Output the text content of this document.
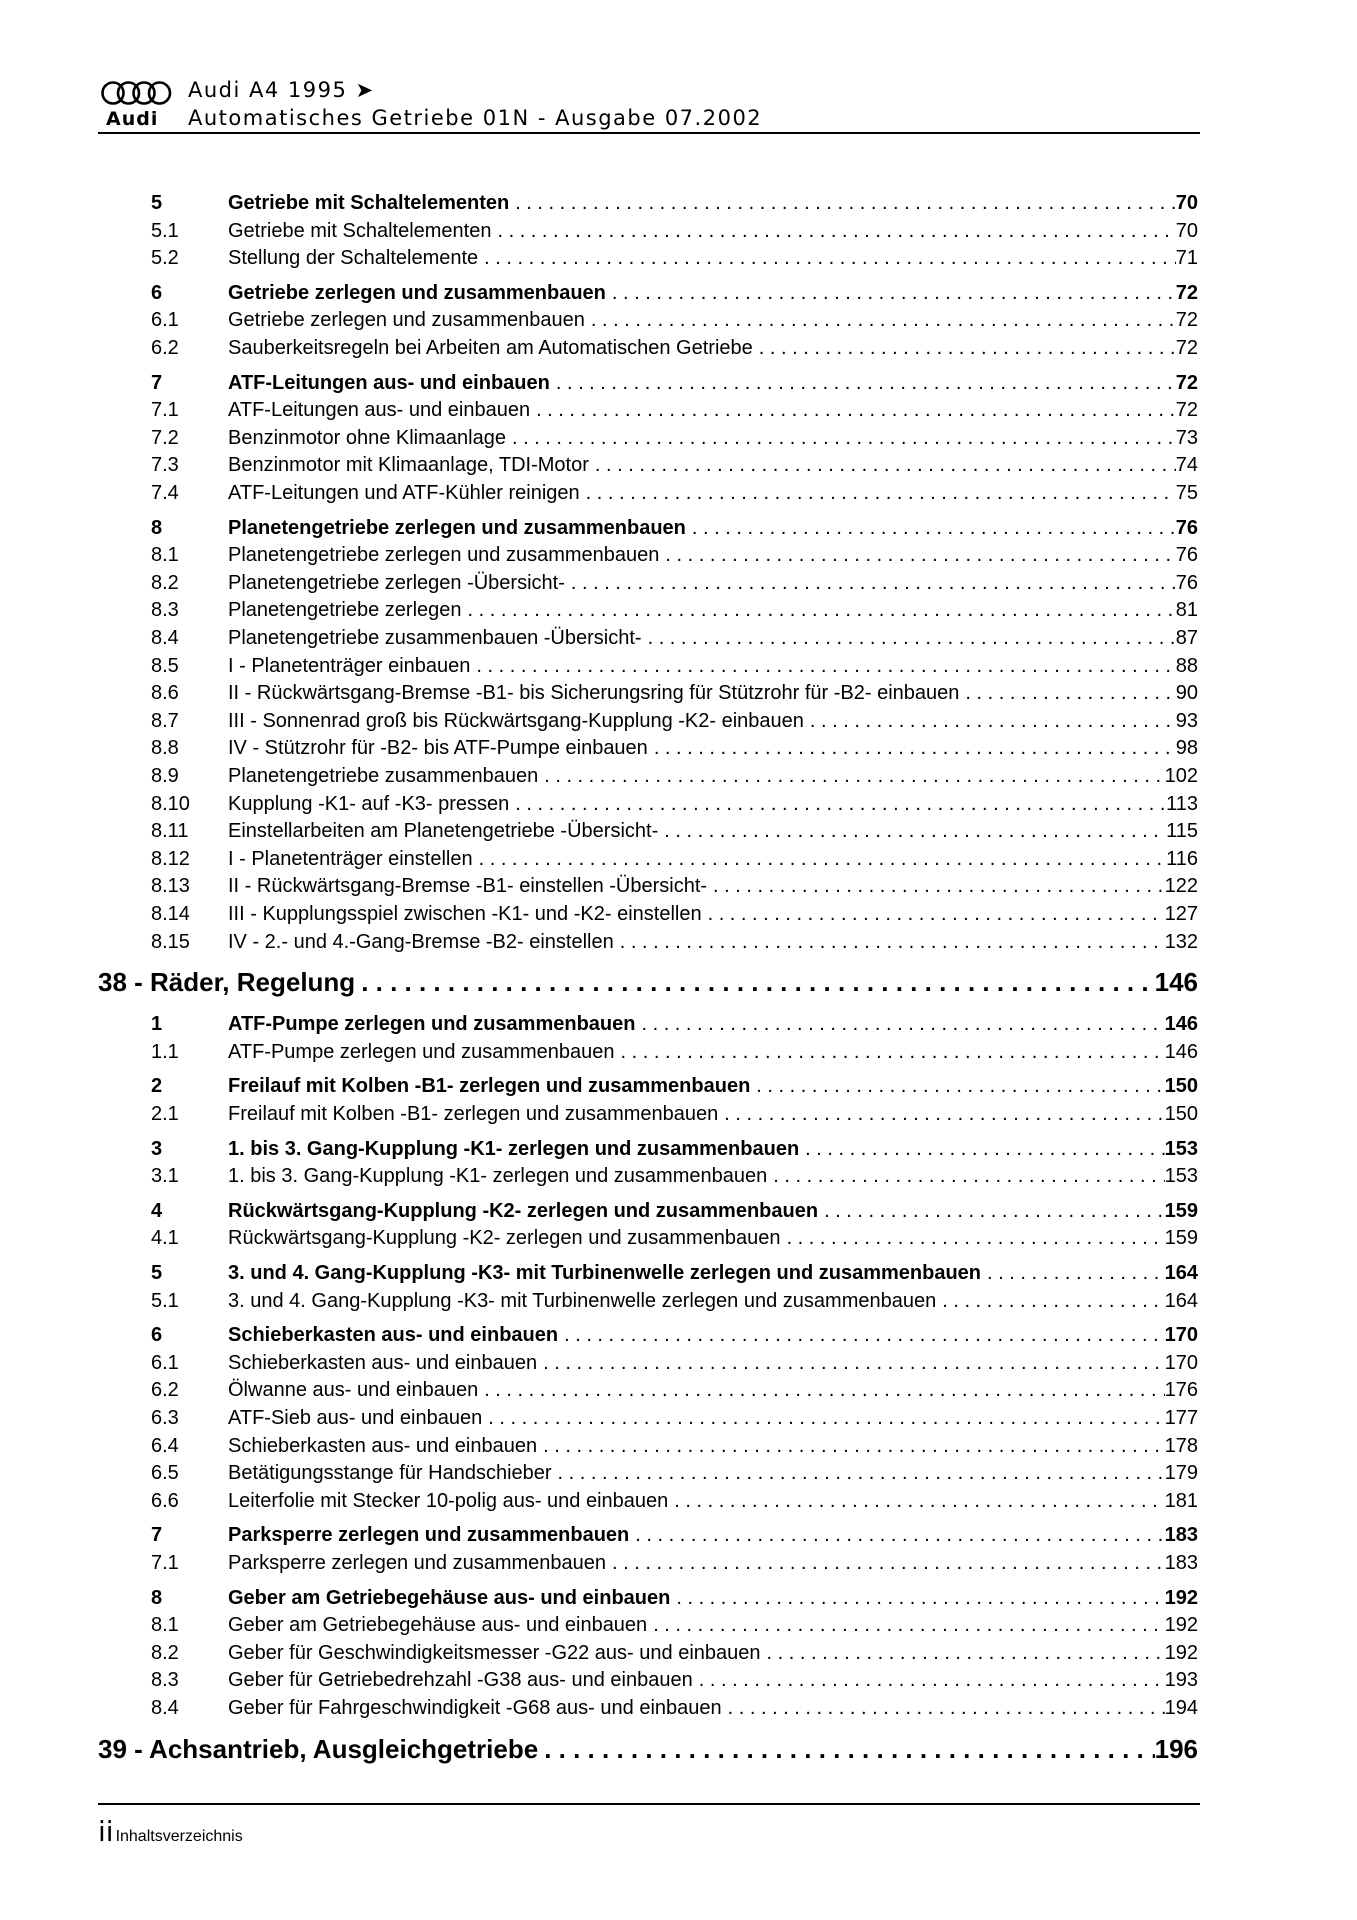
Audi
Audi A4 1995 ➤
Automatisches Getriebe 01N - Ausgabe 07.2002
5	Getriebe mit Schaltelementen . . .	70
5.1 Getriebe mit Schaltelementen . . .	70
5.2 Stellung der Schaltelemente . . .	71
6	Getriebe zerlegen und zusammenbauen . . .	72
6.1 Getriebe zerlegen und zusammenbauen . . .	72
6.2 Sauberkeitsregeln bei Arbeiten am Automatischen Getriebe . . .	72
7	ATF-Leitungen aus- und einbauen . . .	72
7.1 ATF-Leitungen aus- und einbauen . . .	72
7.2 Benzinmotor ohne Klimaanlage . . .	73
7.3 Benzinmotor mit Klimaanlage, TDI-Motor . . .	74
7.4 ATF-Leitungen und ATF-Kühler reinigen . . .	75
8	Planetengetriebe zerlegen und zusammenbauen . . .	76
8.1 Planetengetriebe zerlegen und zusammenbauen . . .	76
8.2 Planetengetriebe zerlegen -Übersicht- . . .	76
8.3 Planetengetriebe zerlegen . . .	81
8.4 Planetengetriebe zusammenbauen -Übersicht- . . .	87
8.5 I - Planetenträger einbauen . . .	88
8.6 II - Rückwärtsgang-Bremse -B1- bis Sicherungsring für Stützrohr für -B2- einbauen . . .	90
8.7 III - Sonnenrad groß bis Rückwärtsgang-Kupplung -K2- einbauen . . .	93
8.8 IV - Stützrohr für -B2- bis ATF-Pumpe einbauen . . .	98
8.9 Planetengetriebe zusammenbauen . . .	102
8.10 Kupplung -K1- auf -K3- pressen . . .	113
8.11 Einstellarbeiten am Planetengetriebe -Übersicht- . . .	115
8.12 I - Planetenträger einstellen . . .	116
8.13 II - Rückwärtsgang-Bremse -B1- einstellen -Übersicht- . . .	122
8.14 III - Kupplungsspiel zwischen -K1- und -K2- einstellen . . .	127
8.15 IV - 2.- und 4.-Gang-Bremse -B2- einstellen . . .	132
38 - Räder, Regelung . . .	146
1	ATF-Pumpe zerlegen und zusammenbauen . . .	146
1.1 ATF-Pumpe zerlegen und zusammenbauen . . .	146
2	Freilauf mit Kolben -B1- zerlegen und zusammenbauen . . .	150
2.1 Freilauf mit Kolben -B1- zerlegen und zusammenbauen . . .	150
3	1. bis 3. Gang-Kupplung -K1- zerlegen und zusammenbauen . . .	153
3.1 1. bis 3. Gang-Kupplung -K1- zerlegen und zusammenbauen . . .	153
4	Rückwärtsgang-Kupplung -K2- zerlegen und zusammenbauen . . .	159
4.1 Rückwärtsgang-Kupplung -K2- zerlegen und zusammenbauen . . .	159
5	3. und 4. Gang-Kupplung -K3- mit Turbinenwelle zerlegen und zusammenbauen . . .	164
5.1 3. und 4. Gang-Kupplung -K3- mit Turbinenwelle zerlegen und zusammenbauen . . .	164
6	Schieberkasten aus- und einbauen . . .	170
6.1 Schieberkasten aus- und einbauen . . .	170
6.2 Ölwanne aus- und einbauen . . .	176
6.3 ATF-Sieb aus- und einbauen . . .	177
6.4 Schieberkasten aus- und einbauen . . .	178
6.5 Betätigungsstange für Handschieber . . .	179
6.6 Leiterfolie mit Stecker 10-polig aus- und einbauen . . .	181
7	Parksperre zerlegen und zusammenbauen . . .	183
7.1 Parksperre zerlegen und zusammenbauen . . .	183
8	Geber am Getriebegehäuse aus- und einbauen . . .	192
8.1 Geber am Getriebegehäuse aus- und einbauen . . .	192
8.2 Geber für Geschwindigkeitsmesser -G22 aus- und einbauen . . .	192
8.3 Geber für Getriebedrehzahl -G38 aus- und einbauen . . .	193
8.4 Geber für Fahrgeschwindigkeit -G68 aus- und einbauen . . .	194
39 - Achsantrieb, Ausgleichgetriebe . . .	196
ii Inhaltsverzeichnis
